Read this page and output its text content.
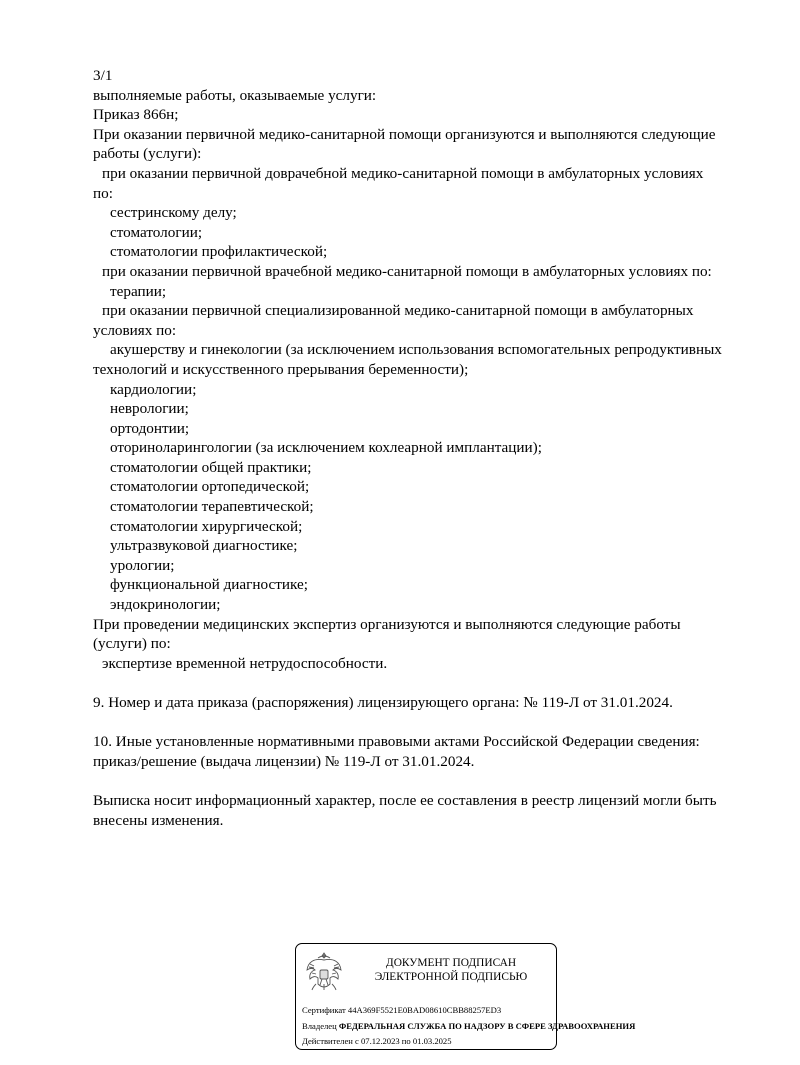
3/1

выполняемые работы, оказываемые услуги:

Приказ 866н;

При оказании первичной медико-санитарной помощи организуются и выполняются следующие

работы (услуги):

при оказании первичной доврачебной медико-санитарной помощи в амбулаторных условиях

по:

сестринскому делу;

стоматологии;

стоматологии профилактической;

при оказании первичной врачебной медико-санитарной помощи в амбулаторных условиях по:

терапии;

при оказании первичной специализированной медико-санитарной помощи в амбулаторных

условиях по:

акушерству и гинекологии (за исключением использования вспомогательных репродуктивных

технологий и искусственного прерывания беременности);

кардиологии;

неврологии;

ортодонтии;

оториноларингологии (за исключением кохлеарной имплантации);

стоматологии общей практики;

стоматологии ортопедической;

стоматологии терапевтической;

стоматологии хирургической;

ультразвуковой диагностике;

урологии;

функциональной диагностике;

эндокринологии;

При проведении медицинских экспертиз организуются и выполняются следующие работы

(услуги) по:

экспертизе временной нетрудоспособности.

9. Номер и дата приказа (распоряжения) лицензирующего органа: № 119-Л от 31.01.2024.

10. Иные установленные нормативными правовыми актами Российской Федерации сведения:

приказ/решение (выдача лицензии) № 119-Л от 31.01.2024.

Выписка носит информационный характер, после ее составления в реестр лицензий могли быть

внесены изменения.

ДОКУМЕНТ ПОДПИСАН
ЭЛЕКТРОННОЙ ПОДПИСЬЮ
Сертификат 44A369F5521E0BAD08610CBB88257ED3
Владелец ФЕДЕРАЛЬНАЯ СЛУЖБА ПО НАДЗОРУ В СФЕРЕ ЗДРАВООХРАНЕНИЯ
Действителен с 07.12.2023 по 01.03.2025
